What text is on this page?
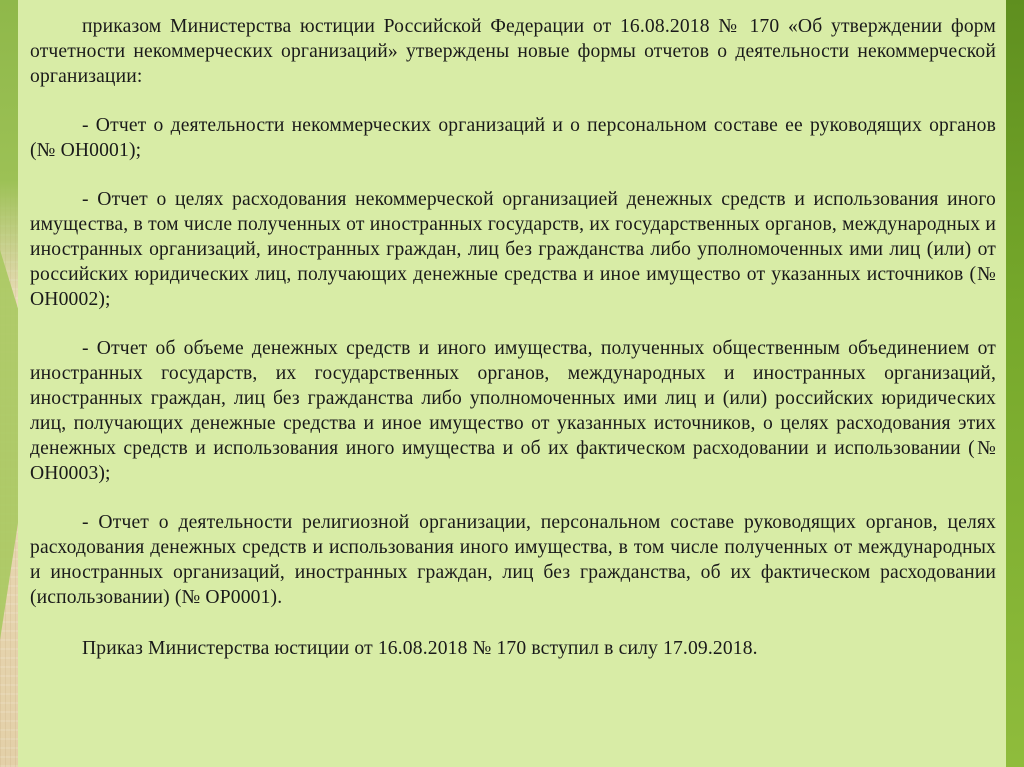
приказом Министерства юстиции Российской Федерации от 16.08.2018 № 170 «Об утверждении форм отчетности некоммерческих организаций» утверждены новые формы отчетов о деятельности некоммерческой организации:

- Отчет о деятельности некоммерческих организаций и о персональном составе ее руководящих органов (№ ОН0001);

- Отчет о целях расходования некоммерческой организацией денежных средств и использования иного имущества, в том числе полученных от иностранных государств, их государственных органов, международных и иностранных организаций, иностранных граждан, лиц без гражданства либо уполномоченных ими лиц (или) от российских юридических лиц, получающих денежные средства и иное имущество от указанных источников (№ ОН0002);

- Отчет об объеме денежных средств и иного имущества, полученных общественным объединением от иностранных государств, их государственных органов, международных и иностранных организаций, иностранных граждан, лиц без гражданства либо уполномоченных ими лиц и (или) российских юридических лиц, получающих денежные средства и иное имущество от указанных источников, о целях расходования этих денежных средств и использования иного имущества и об их фактическом расходовании и использовании (№ ОН0003);

- Отчет о деятельности религиозной организации, персональном составе руководящих органов, целях расходования денежных средств и использования иного имущества, в том числе полученных от международных и иностранных организаций, иностранных граждан, лиц без гражданства, об их фактическом расходовании (использовании) (№ ОР0001).

Приказ Министерства юстиции от 16.08.2018 № 170 вступил в силу 17.09.2018.
